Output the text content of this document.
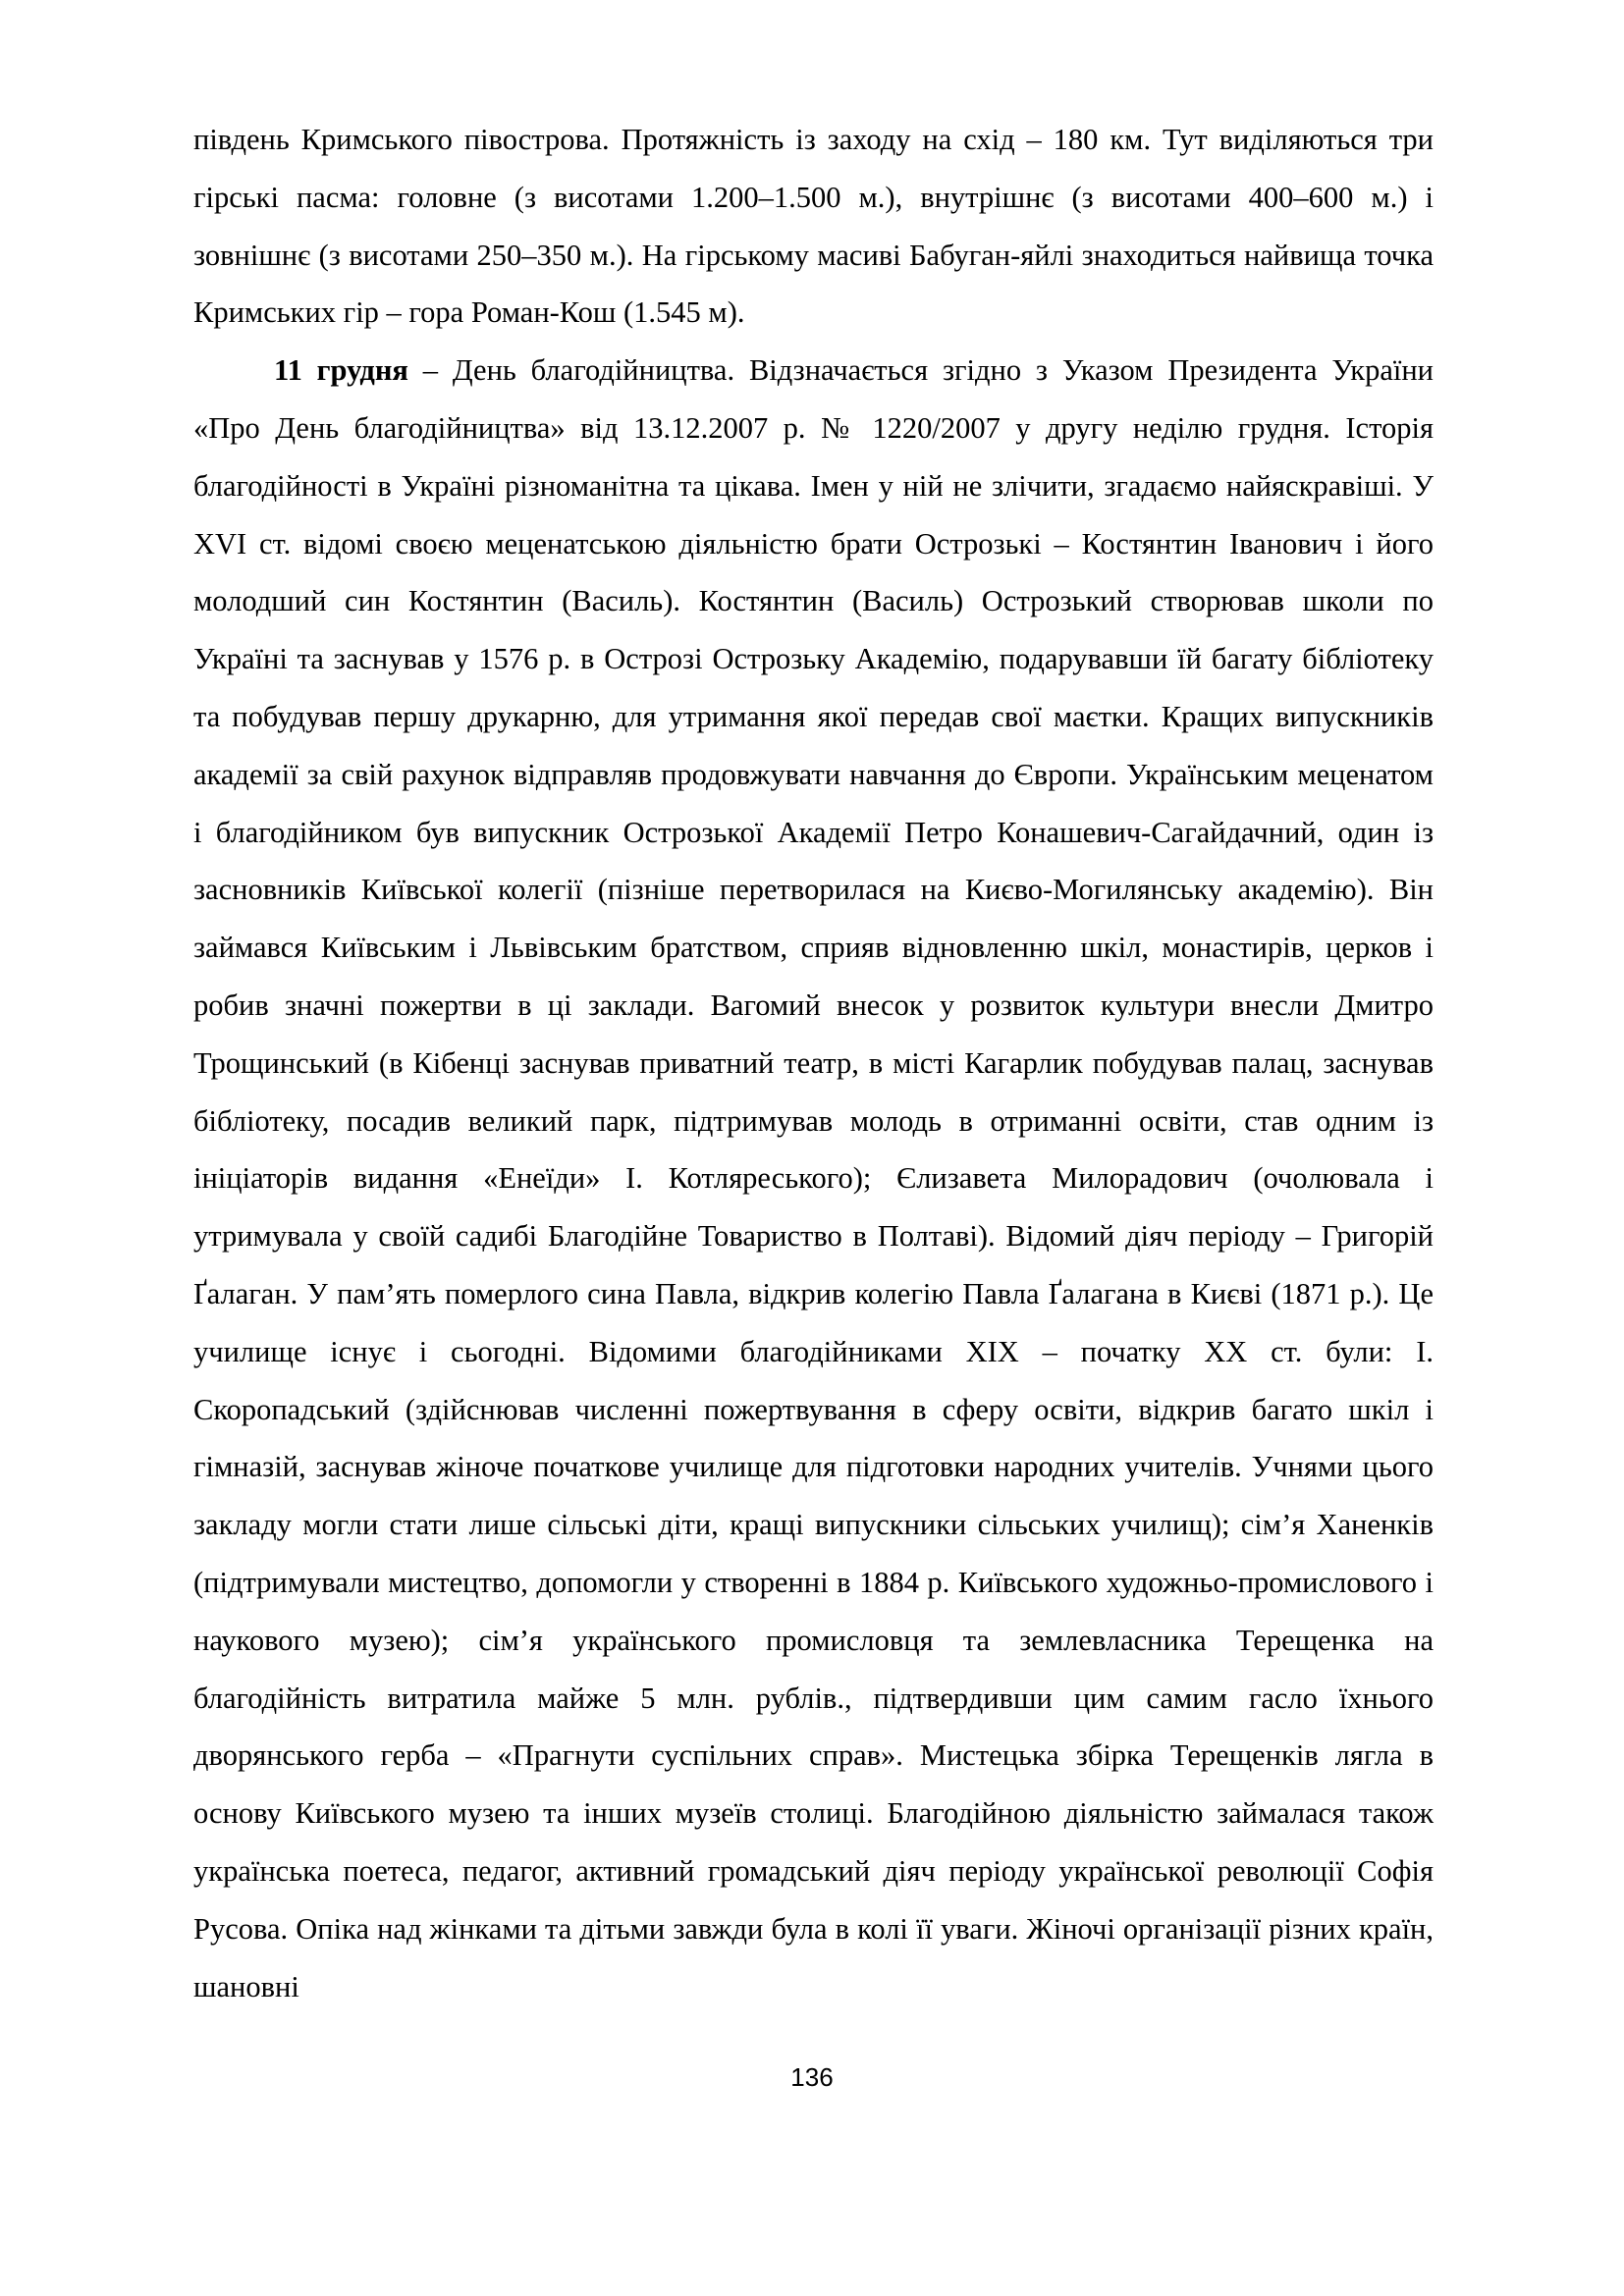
південь Кримського півострова. Протяжність із заходу на схід – 180 км. Тут виділяються три гірські пасма: головне (з висотами 1.200–1.500 м.), внутрішнє (з висотами 400–600 м.) і зовнішнє (з висотами 250–350 м.). На гірському масиві Бабуган-яйлі знаходиться найвища точка Кримських гір – гора Роман-Кош (1.545 м).

11 грудня – День благодійництва. Відзначається згідно з Указом Президента України «Про День благодійництва» від 13.12.2007 р. № 1220/2007 у другу неділю грудня. Історія благодійності в Україні різноманітна та цікава. Імен у ній не злічити, згадаємо найяскравіші. У XVI ст. відомі своєю меценатською діяльністю брати Острозькі – Костянтин Іванович і його молодший син Костянтин (Василь). Костянтин (Василь) Острозький створював школи по Україні та заснував у 1576 р. в Острозі Острозьку Академію, подарувавши їй багату бібліотеку та побудував першу друкарню, для утримання якої передав свої маєтки. Кращих випускників академії за свій рахунок відправляв продовжувати навчання до Європи. Українським меценатом і благодійником був випускник Острозької Академії Петро Конашевич-Сагайдачний, один із засновників Київської колегії (пізніше перетворилася на Києво-Могилянську академію). Він займався Київським і Львівським братством, сприяв відновленню шкіл, монастирів, церков і робив значні пожертви в ці заклади. Вагомий внесок у розвиток культури внесли Дмитро Трощинський (в Кібенці заснував приватний театр, в місті Кагарлик побудував палац, заснував бібліотеку, посадив великий парк, підтримував молодь в отриманні освіти, став одним із ініціаторів видання «Енеїди» І. Котляреського); Єлизавета Милорадович (очолювала і утримувала у своїй садибі Благодійне Товариство в Полтаві). Відомий діяч періоду – Григорій Ґалаган. У пам’ять померлого сина Павла, відкрив колегію Павла Ґалагана в Києві (1871 р.). Це училище існує і сьогодні. Відомими благодійниками XIX – початку XX ст. були: І. Скоропадський (здійснював численні пожертвування в сферу освіти, відкрив багато шкіл і гімназій, заснував жіноче початкове училище для підготовки народних учителів. Учнями цього закладу могли стати лише сільські діти, кращі випускники сільських училищ); сім’я Ханенків (підтримували мистецтво, допомогли у створенні в 1884 р. Київського художньо-промислового і наукового музею); сім’я українського промисловця та землевласника Терещенка на благодійність витратила майже 5 млн. рублів., підтвердивши цим самим гасло їхнього дворянського герба – «Прагнути суспільних справ». Мистецька збірка Терещенків лягла в основу Київського музею та інших музеїв столиці. Благодійною діяльністю займалася також українська поетеса, педагог, активний громадський діяч періоду української революції Софія Русова. Опіка над жінками та дітьми завжди була в колі її уваги. Жіночі організації різних країн, шановні

136
